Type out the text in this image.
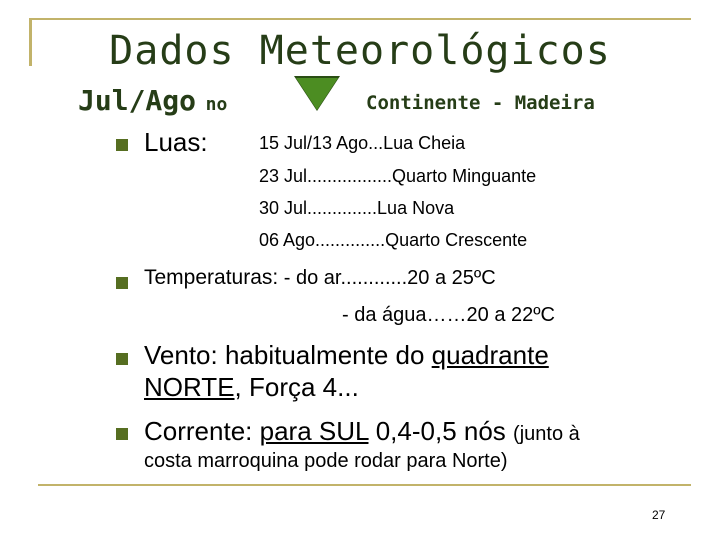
Dados Meteorológicos
Jul/Ago no	Continente - Madeira
Luas:	15 Jul/13 Ago...Lua Cheia
23 Jul.................Quarto Minguante
30 Jul..............Lua Nova
06 Ago..............Quarto Crescente
Temperaturas: - do ar............20 a 25ºC
- da água……20 a 22ºC
Vento: habitualmente do quadrante
NORTE, Força 4...
Corrente: para SUL 0,4-0,5 nós (junto à
costa marroquina pode rodar para Norte)
27
